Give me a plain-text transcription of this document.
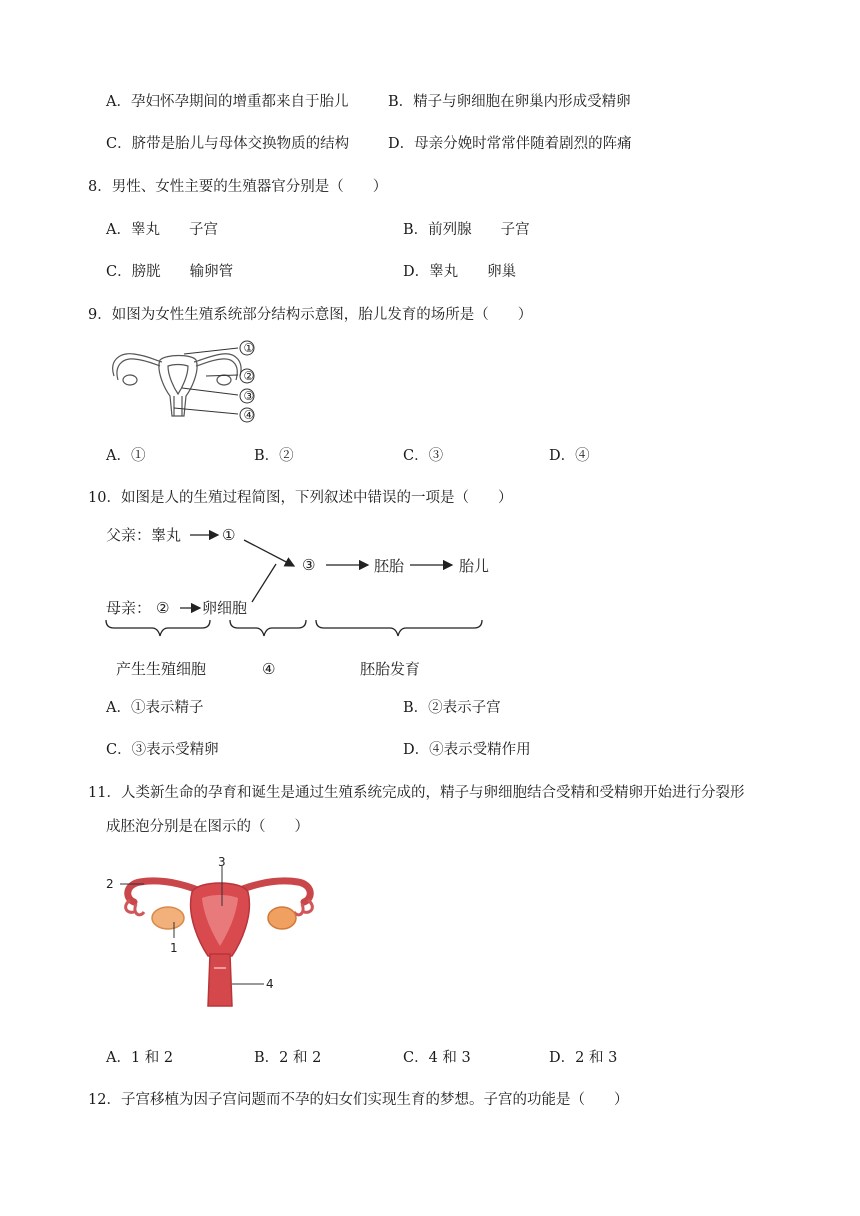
A．孕妇怀孕期间的增重都来自于胎儿	B．精子与卵细胞在卵巢内形成受精卵
C．脐带是胎儿与母体交换物质的结构	D．母亲分娩时常常伴随着剧烈的阵痛
8．男性、女性主要的生殖器官分别是（　　）
A．睾丸　　子宫	B．前列腺　　子宫
C．膀胱　　输卵管	D．睾丸　　卵巢
9．如图为女性生殖系统部分结构示意图，胎儿发育的场所是（　　）
①
②
③
④
A．①	B．②	C．③	D．④
10．如图是人的生殖过程简图，下列叙述中错误的一项是（　　）
父亲：睾丸	①
③	胚胎	胎儿
母亲： ② 卵细胞
产生生殖细胞	④	胚胎发育
A．①表示精子	B．②表示子宫
C．③表示受精卵	D．④表示受精作用
11．人类新生命的孕育和诞生是通过生殖系统完成的，精子与卵细胞结合受精和受精卵开始进行分裂形
成胚泡分别是在图示的（　　）
3
2
1
4
A．1 和 2	B．2 和 2	C．4 和 3	D．2 和 3
12．子宫移植为因子宫问题而不孕的妇女们实现生育的梦想。子宫的功能是（　　）
